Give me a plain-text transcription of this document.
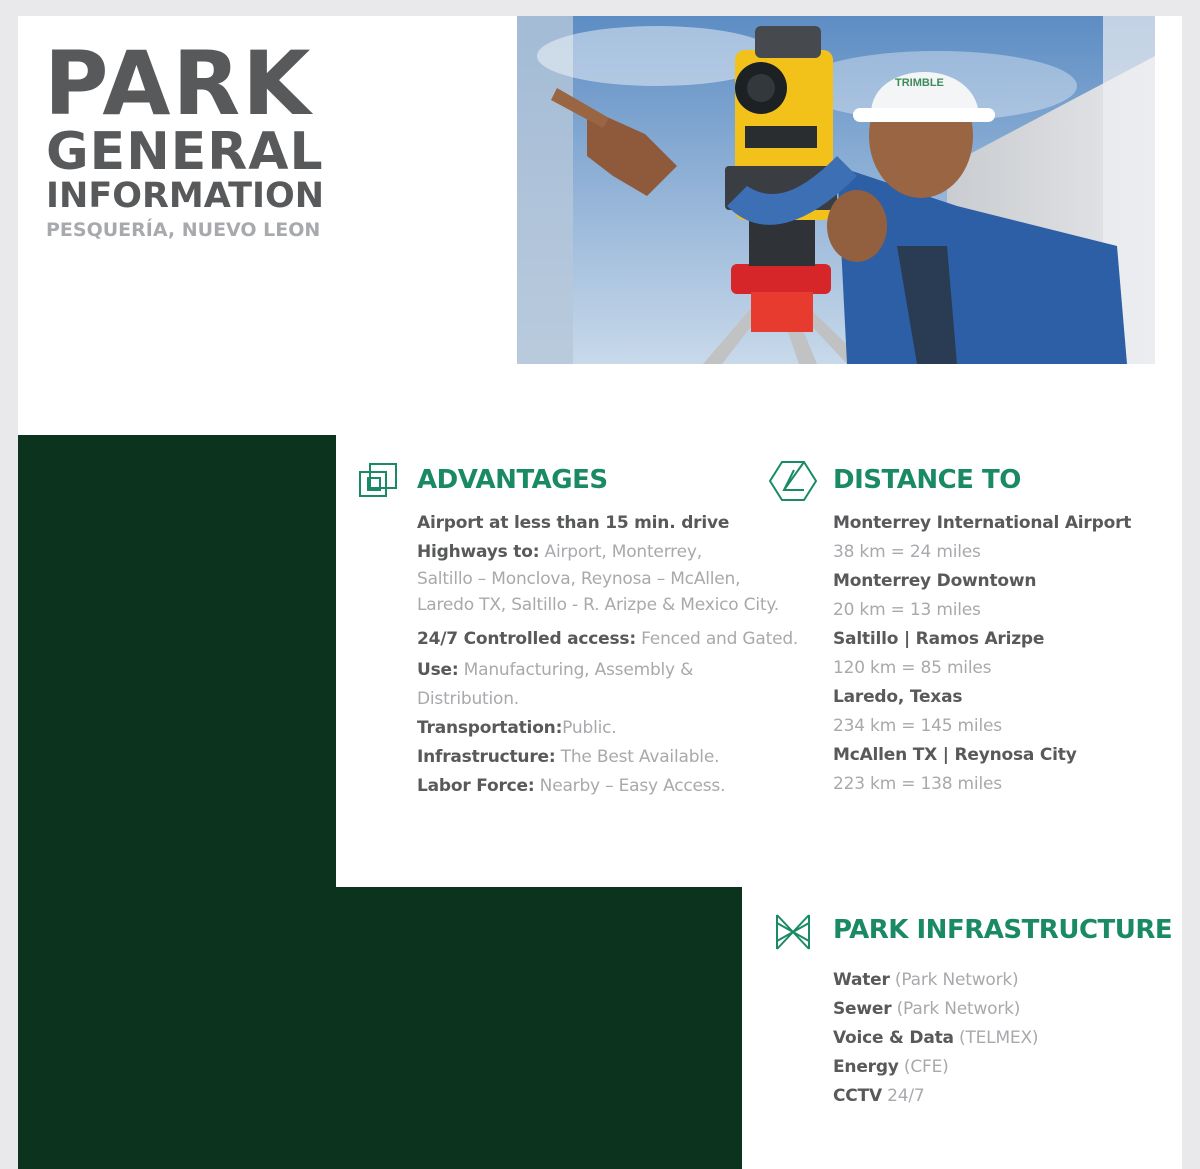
PARK
GENERAL
INFORMATION
PESQUERÍA, NUEVO LEON
TRIMBLE
ADVANTAGES
Airport at less than 15 min. drive
Highways to: Airport, Monterrey,
Saltillo – Monclova, Reynosa – McAllen,
Laredo TX, Saltillo - R. Arizpe & Mexico City.
24/7 Controlled access: Fenced and Gated.
Use: Manufacturing, Assembly &
Distribution.
Transportation:Public.
Infrastructure: The Best Available.
Labor Force: Nearby – Easy Access.
DISTANCE TO
Monterrey International Airport
38 km = 24 miles
Monterrey Downtown
20 km = 13 miles
Saltillo | Ramos Arizpe
120 km = 85 miles
Laredo, Texas
234 km = 145 miles
McAllen TX | Reynosa City
223 km = 138 miles
PARK INFRASTRUCTURE
Water (Park Network)
Sewer (Park Network)
Voice & Data (TELMEX)
Energy (CFE)
CCTV 24/7
